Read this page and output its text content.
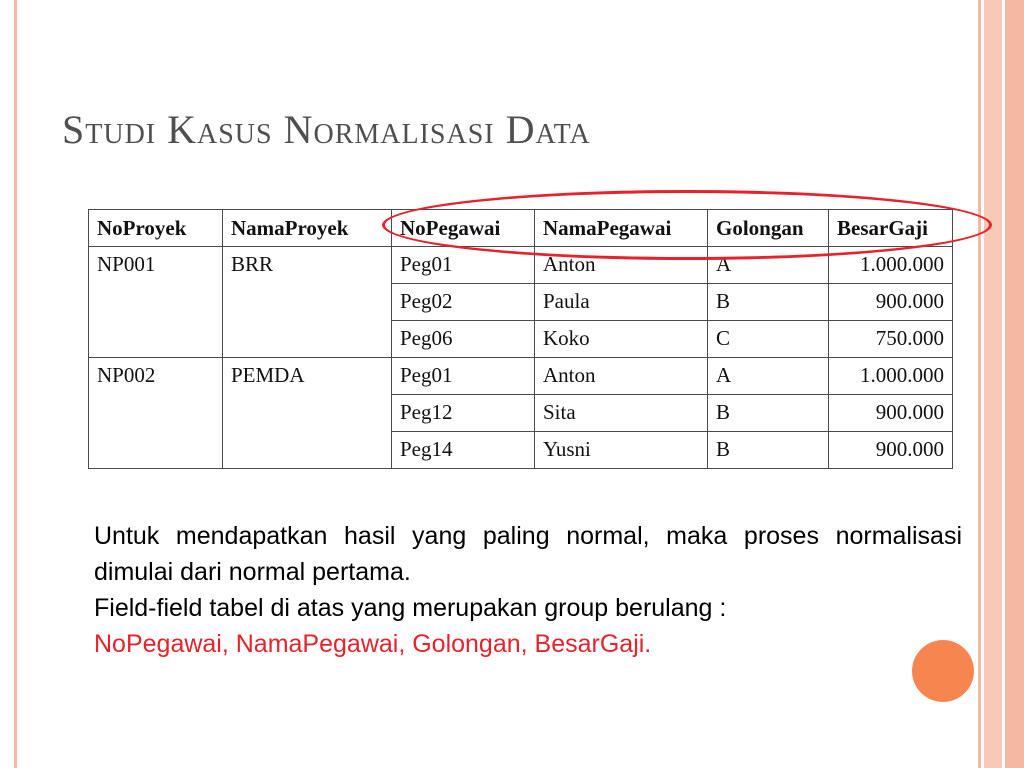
Studi Kasus Normalisasi Data
NoProyek	NamaProyek	NoPegawai	NamaPegawai	Golongan	BesarGaji
NP001	BRR	Peg01	Anton	A	1.000.000
		Peg02	Paula	B	900.000
		Peg06	Koko	C	750.000
NP002	PEMDA	Peg01	Anton	A	1.000.000
		Peg12	Sita	B	900.000
		Peg14	Yusni	B	900.000

Untuk mendapatkan hasil yang paling normal, maka proses normalisasi dimulai dari normal pertama.

Field-field tabel di atas yang merupakan group berulang :

NoPegawai, NamaPegawai, Golongan, BesarGaji.
